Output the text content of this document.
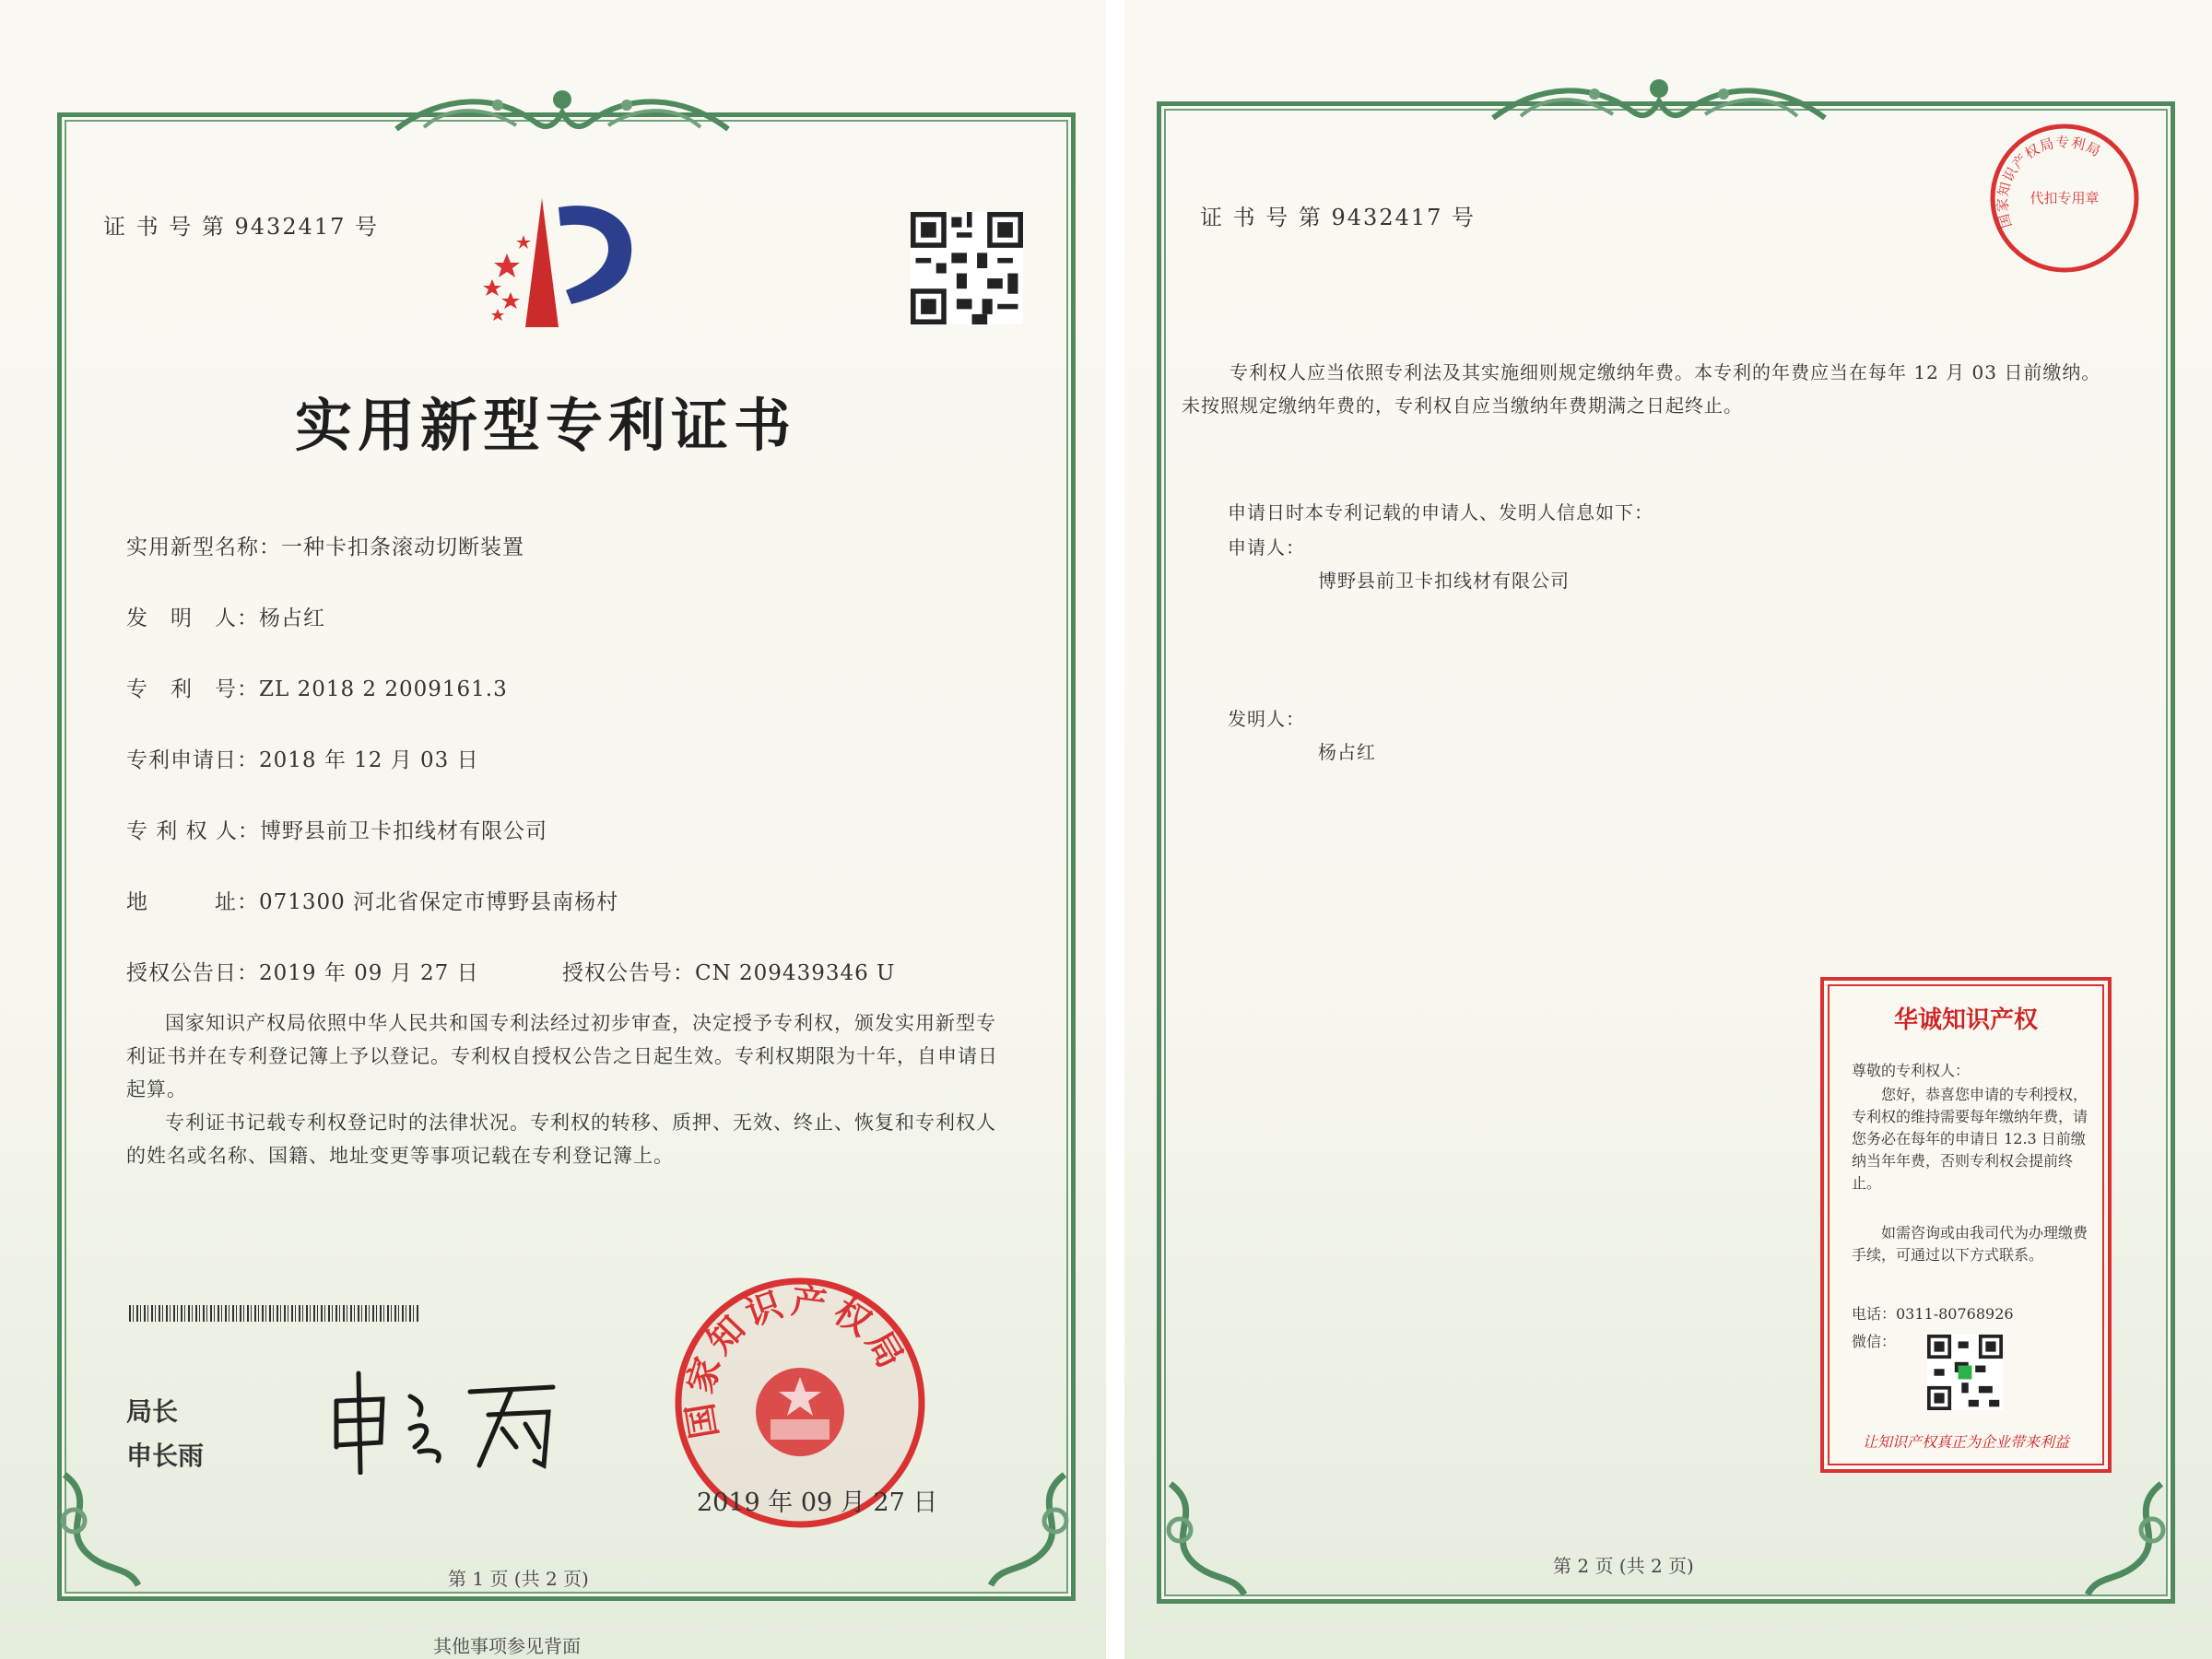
证 书 号 第 9432417 号
实用新型专利证书
实用新型名称：一种卡扣条滚动切断装置
发　明　人：杨占红
专　利　号：ZL 2018 2 2009161.3
专利申请日：2018 年 12 月 03 日
专 利 权 人：博野县前卫卡扣线材有限公司
地　　　址：071300 河北省保定市博野县南杨村
授权公告日：2019 年 09 月 27 日	授权公告号：CN 209439346 U
国家知识产权局依照中华人民共和国专利法经过初步审查，决定授予专利权，颁发实用新型专利证书并在专利登记簿上予以登记。专利权自授权公告之日起生效。专利权期限为十年，自申请日起算。
专利证书记载专利权登记时的法律状况。专利权的转移、质押、无效、终止、恢复和专利权人的姓名或名称、国籍、地址变更等事项记载在专利登记簿上。
局长
申长雨
国家知识产权局
2019 年 09 月 27 日
第 1 页 (共 2 页)
其他事项参见背面
证 书 号 第 9432417 号	国家知识产权局专利局
代扣专用章
专利权人应当依照专利法及其实施细则规定缴纳年费。本专利的年费应当在每年 12 月 03 日前缴纳。未按照规定缴纳年费的，专利权自应当缴纳年费期满之日起终止。
申请日时本专利记载的申请人、发明人信息如下：
申请人：
博野县前卫卡扣线材有限公司
发明人：
杨占红
华诚知识产权
尊敬的专利权人：
您好，恭喜您申请的专利授权，专利权的维持需要每年缴纳年费，请您务必在每年的申请日 12.3 日前缴纳当年年费，否则专利权会提前终止。
如需咨询或由我司代为办理缴费手续，可通过以下方式联系。
电话：0311-80768926
微信：
让知识产权真正为企业带来利益
第 2 页 (共 2 页)
